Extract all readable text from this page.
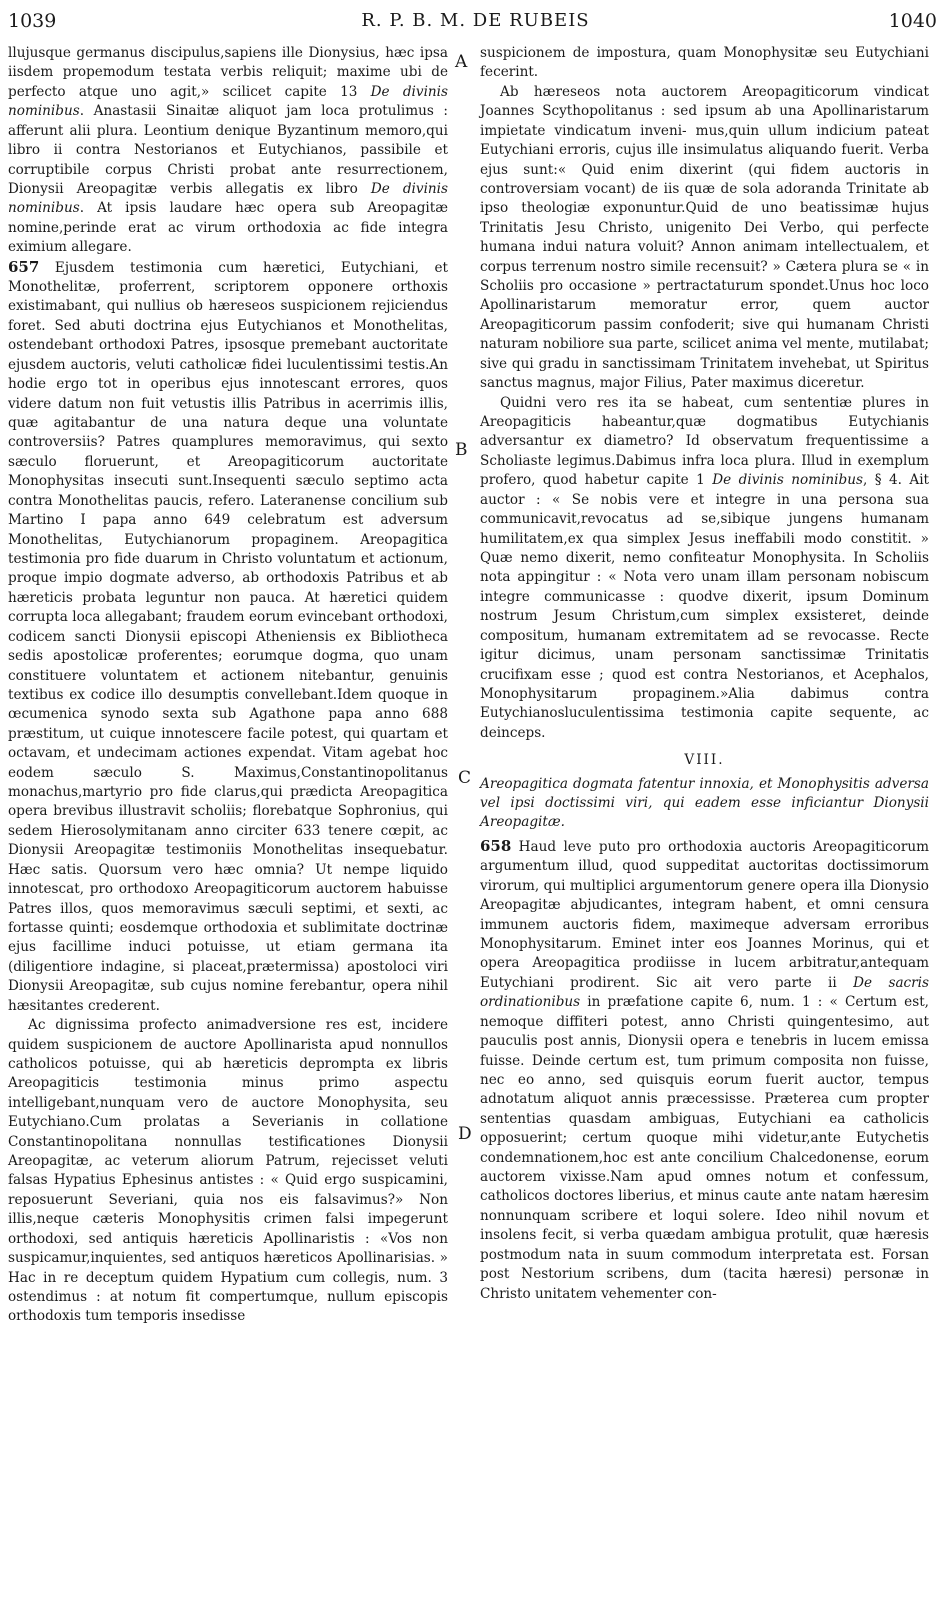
1039	R. P. B. M. DE RUBEIS	1040
A
B
C
D

llujusque germanus discipulus,sapiens ille Dionysius, hæc ipsa iisdem propemodum testata verbis reliquit; maxime ubi de perfecto atque uno agit,» scilicet capite 13 De divinis nominibus. Anastasii Sinaitæ aliquot jam loca protulimus : afferunt alii plura. Leontium denique Byzantinum memoro,qui libro ii contra Nestorianos et Eutychianos, passibile et corruptibile corpus Christi probat ante resurrectionem, Dionysii Areopagitæ verbis allegatis ex libro De divinis nominibus. At ipsis laudare hæc opera sub Areopagitæ nomine,perinde erat ac virum orthodoxia ac fide integra eximium allegare.

657 Ejusdem testimonia cum hæretici, Eutychiani, et Monothelitæ, proferrent, scriptorem opponere orthoxis existimabant, qui nullius ob hæreseos suspicionem rejiciendus foret. Sed abuti doctrina ejus Eutychianos et Monothelitas, ostendebant orthodoxi Patres, ipsosque premebant auctoritate ejusdem auctoris, veluti catholicæ fidei luculentissimi testis.An hodie ergo tot in operibus ejus innotescant errores, quos videre datum non fuit vetustis illis Patribus in acerrimis illis, quæ agitabantur de una natura deque una voluntate controversiis? Patres quamplures memoravimus, qui sexto sæculo floruerunt, et Areopagiticorum auctoritate Monophysitas insecuti sunt.Insequenti sæculo septimo acta contra Monothelitas paucis, refero. Lateranense concilium sub Martino I papa anno 649 celebratum est adversum Monothelitas, Eutychianorum propaginem. Areopagitica testimonia pro fide duarum in Christo voluntatum et actionum, proque impio dogmate adverso, ab orthodoxis Patribus et ab hæreticis probata leguntur non pauca. At hæretici quidem corrupta loca allegabant; fraudem eorum evincebant orthodoxi, codicem sancti Dionysii episcopi Atheniensis ex Bibliotheca sedis apostolicæ proferentes; eorumque dogma, quo unam constituere voluntatem et actionem nitebantur, genuinis textibus ex codice illo desumptis convellebant.Idem quoque in œcumenica synodo sexta sub Agathone papa anno 688 præstitum, ut cuique innotescere facile potest, qui quartam et octavam, et undecimam actiones expendat. Vitam agebat hoc eodem sæculo S. Maximus,Constantinopolitanus monachus,martyrio pro fide clarus,qui prædicta Areopagitica opera brevibus illustravit scholiis; florebatque Sophronius, qui sedem Hierosolymitanam anno circiter 633 tenere cœpit, ac Dionysii Areopagitæ testimoniis Monothelitas insequebatur. Hæc satis. Quorsum vero hæc omnia? Ut nempe liquido innotescat, pro orthodoxo Areopagiticorum auctorem habuisse Patres illos, quos memoravimus sæculi septimi, et sexti, ac fortasse quinti; eosdemque orthodoxia et sublimitate doctrinæ ejus facillime induci potuisse, ut etiam germana ita (diligentiore indagine, si placeat,prætermissa) apostoloci viri Dionysii Areopagitæ, sub cujus nomine ferebantur, opera nihil hæsitantes crederent.

Ac dignissima profecto animadversione res est, incidere quidem suspicionem de auctore Apollinarista apud nonnullos catholicos potuisse, qui ab hæreticis deprompta ex libris Areopagiticis testimonia minus primo aspectu intelligebant,nunquam vero de auctore Monophysita, seu Eutychiano.Cum prolatas a Severianis in collatione Constantinopolitana nonnullas testificationes Dionysii Areopagitæ, ac veterum aliorum Patrum, rejecisset veluti falsas Hypatius Ephesinus antistes : « Quid ergo suspicamini, reposuerunt Severiani, quia nos eis falsavimus?» Non illis,neque cæteris Monophysitis crimen falsi impegerunt orthodoxi, sed antiquis hæreticis Apollinaristis : «Vos non suspicamur,inquientes, sed antiquos hæreticos Apollinarisias. » Hac in re deceptum quidem Hypatium cum collegis, num. 3 ostendimus : at notum fit compertumque, nullum episcopis orthodoxis tum temporis insedisse

suspicionem de impostura, quam Monophysitæ seu Eutychiani fecerint.

Ab hæreseos nota auctorem Areopagiticorum vindicat Joannes Scythopolitanus : sed ipsum ab una Apollinaristarum impietate vindicatum inveni- mus,quin ullum indicium pateat Eutychiani erroris, cujus ille insimulatus aliquando fuerit. Verba ejus sunt:« Quid enim dixerint (qui fidem auctoris in controversiam vocant) de iis quæ de sola adoranda Trinitate ab ipso theologiæ exponuntur.Quid de uno beatissimæ hujus Trinitatis Jesu Christo, unigenito Dei Verbo, qui perfecte humana indui natura voluit? Annon animam intellectualem, et corpus terrenum nostro simile recensuit? » Cætera plura se « in Scholiis pro occasione » pertractaturum spondet.Unus hoc loco Apollinaristarum memoratur error, quem auctor Areopagiticorum passim confoderit; sive qui humanam Christi naturam nobiliore sua parte, scilicet anima vel mente, mutilabat; sive qui gradu in sanctissimam Trinitatem invehebat, ut Spiritus sanctus magnus, major Filius, Pater maximus diceretur.

Quidni vero res ita se habeat, cum sententiæ plures in Areopagiticis habeantur,quæ dogmatibus Eutychianis adversantur ex diametro? Id observatum frequentissime a Scholiaste legimus.Dabimus infra loca plura. Illud in exemplum profero, quod habetur capite 1 De divinis nominibus, § 4. Ait auctor : « Se nobis vere et integre in una persona sua communicavit,revocatus ad se,sibique jungens humanam humilitatem,ex qua simplex Jesus ineffabili modo constitit. » Quæ nemo dixerit, nemo confiteatur Monophysita. In Scholiis nota appingitur : « Nota vero unam illam personam nobiscum integre communicasse : quodve dixerit, ipsum Dominum nostrum Jesum Christum,cum simplex exsisteret, deinde compositum, humanam extremitatem ad se revocasse. Recte igitur dicimus, unam personam sanctissimæ Trinitatis crucifixam esse ; quod est contra Nestorianos, et Acephalos, Monophysitarum propaginem.»Alia dabimus contra Eutychianosluculentissima testimonia capite sequente, ac deinceps.

VIII.

Areopagitica dogmata fatentur innoxia, et Monophysitis adversa vel ipsi doctissimi viri, qui eadem esse inficiantur Dionysii Areopagitæ.

658 Haud leve puto pro orthodoxia auctoris Areopagiticorum argumentum illud, quod suppeditat auctoritas doctissimorum virorum, qui multiplici argumentorum genere opera illa Dionysio Areopagitæ abjudicantes, integram habent, et omni censura immunem auctoris fidem, maximeque adversam erroribus Monophysitarum. Eminet inter eos Joannes Morinus, qui et opera Areopagitica prodiisse in lucem arbitratur,antequam Eutychiani prodirent. Sic ait vero parte ii De sacris ordinationibus in præfatione capite 6, num. 1 : « Certum est, nemoque diffiteri potest, anno Christi quingentesimo, aut pauculis post annis, Dionysii opera e tenebris in lucem emissa fuisse. Deinde certum est, tum primum composita non fuisse, nec eo anno, sed quisquis eorum fuerit auctor, tempus adnotatum aliquot annis præcessisse. Præterea cum propter sententias quasdam ambiguas, Eutychiani ea catholicis opposuerint; certum quoque mihi videtur,ante Eutychetis condemnationem,hoc est ante concilium Chalcedonense, eorum auctorem vixisse.Nam apud omnes notum et confessum, catholicos doctores liberius, et minus caute ante natam hæresim nonnunquam scribere et loqui solere. Ideo nihil novum et insolens fecit, si verba quædam ambigua protulit, quæ hæresis postmodum nata in suum commodum interpretata est. Forsan post Nestorium scribens, dum (tacita hæresi) personæ in Christo unitatem vehementer con-
